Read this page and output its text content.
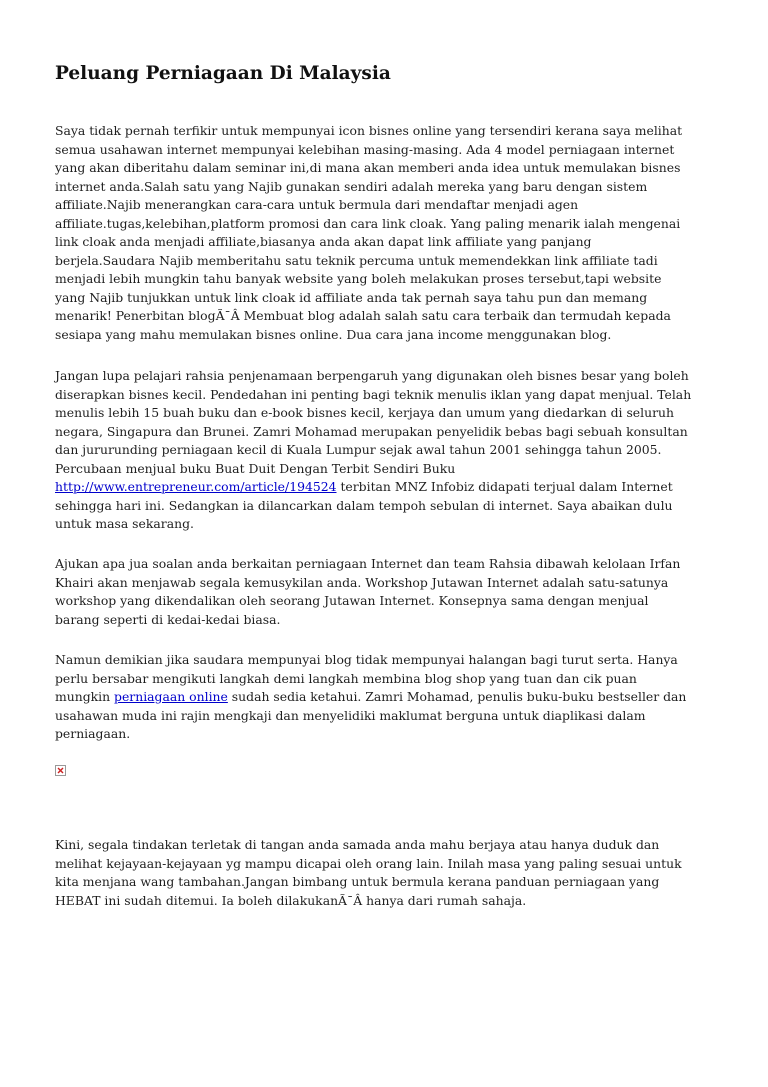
Peluang Perniagaan Di Malaysia

Saya tidak pernah terfikir untuk mempunyai icon bisnes online yang tersendiri kerana saya melihat
semua usahawan internet mempunyai kelebihan masing-masing. Ada 4 model perniagaan internet
yang akan diberitahu dalam seminar ini,di mana akan memberi anda idea untuk memulakan bisnes
internet anda.Salah satu yang Najib gunakan sendiri adalah mereka yang baru dengan sistem
affiliate.Najib menerangkan cara-cara untuk bermula dari mendaftar menjadi agen
affiliate.tugas,kelebihan,platform promosi dan cara link cloak. Yang paling menarik ialah mengenai
link cloak anda menjadi affiliate,biasanya anda akan dapat link affiliate yang panjang
berjela.Saudara Najib memberitahu satu teknik percuma untuk memendekkan link affiliate tadi
menjadi lebih mungkin tahu banyak website yang boleh melakukan proses tersebut,tapi website
yang Najib tunjukkan untuk link cloak id affiliate anda tak pernah saya tahu pun dan memang
menarik! Penerbitan blogÃ¯Â Membuat blog adalah salah satu cara terbaik dan termudah kepada
sesiapa yang mahu memulakan bisnes online. Dua cara jana income menggunakan blog.

Jangan lupa pelajari rahsia penjenamaan berpengaruh yang digunakan oleh bisnes besar yang boleh
diserapkan bisnes kecil. Pendedahan ini penting bagi teknik menulis iklan yang dapat menjual. Telah
menulis lebih 15 buah buku dan e-book bisnes kecil, kerjaya dan umum yang diedarkan di seluruh
negara, Singapura dan Brunei. Zamri Mohamad merupakan penyelidik bebas bagi sebuah konsultan
dan jururunding perniagaan kecil di Kuala Lumpur sejak awal tahun 2001 sehingga tahun 2005.
Percubaan menjual buku Buat Duit Dengan Terbit Sendiri Buku
http://www.entrepreneur.com/article/194524 terbitan MNZ Infobiz didapati terjual dalam Internet
sehingga hari ini. Sedangkan ia dilancarkan dalam tempoh sebulan di internet. Saya abaikan dulu
untuk masa sekarang.

Ajukan apa jua soalan anda berkaitan perniagaan Internet dan team Rahsia dibawah kelolaan Irfan
Khairi akan menjawab segala kemusykilan anda. Workshop Jutawan Internet adalah satu-satunya
workshop yang dikendalikan oleh seorang Jutawan Internet. Konsepnya sama dengan menjual
barang seperti di kedai-kedai biasa.

Namun demikian jika saudara mempunyai blog tidak mempunyai halangan bagi turut serta. Hanya
perlu bersabar mengikuti langkah demi langkah membina blog shop yang tuan dan cik puan
mungkin perniagaan online sudah sedia ketahui. Zamri Mohamad, penulis buku-buku bestseller dan
usahawan muda ini rajin mengkaji dan menyelidiki maklumat berguna untuk diaplikasi dalam
perniagaan.

Kini, segala tindakan terletak di tangan anda samada anda mahu berjaya atau hanya duduk dan
melihat kejayaan-kejayaan yg mampu dicapai oleh orang lain. Inilah masa yang paling sesuai untuk
kita menjana wang tambahan.Jangan bimbang untuk bermula kerana panduan perniagaan yang
HEBAT ini sudah ditemui. Ia boleh dilakukanÃ¯Â hanya dari rumah sahaja.
